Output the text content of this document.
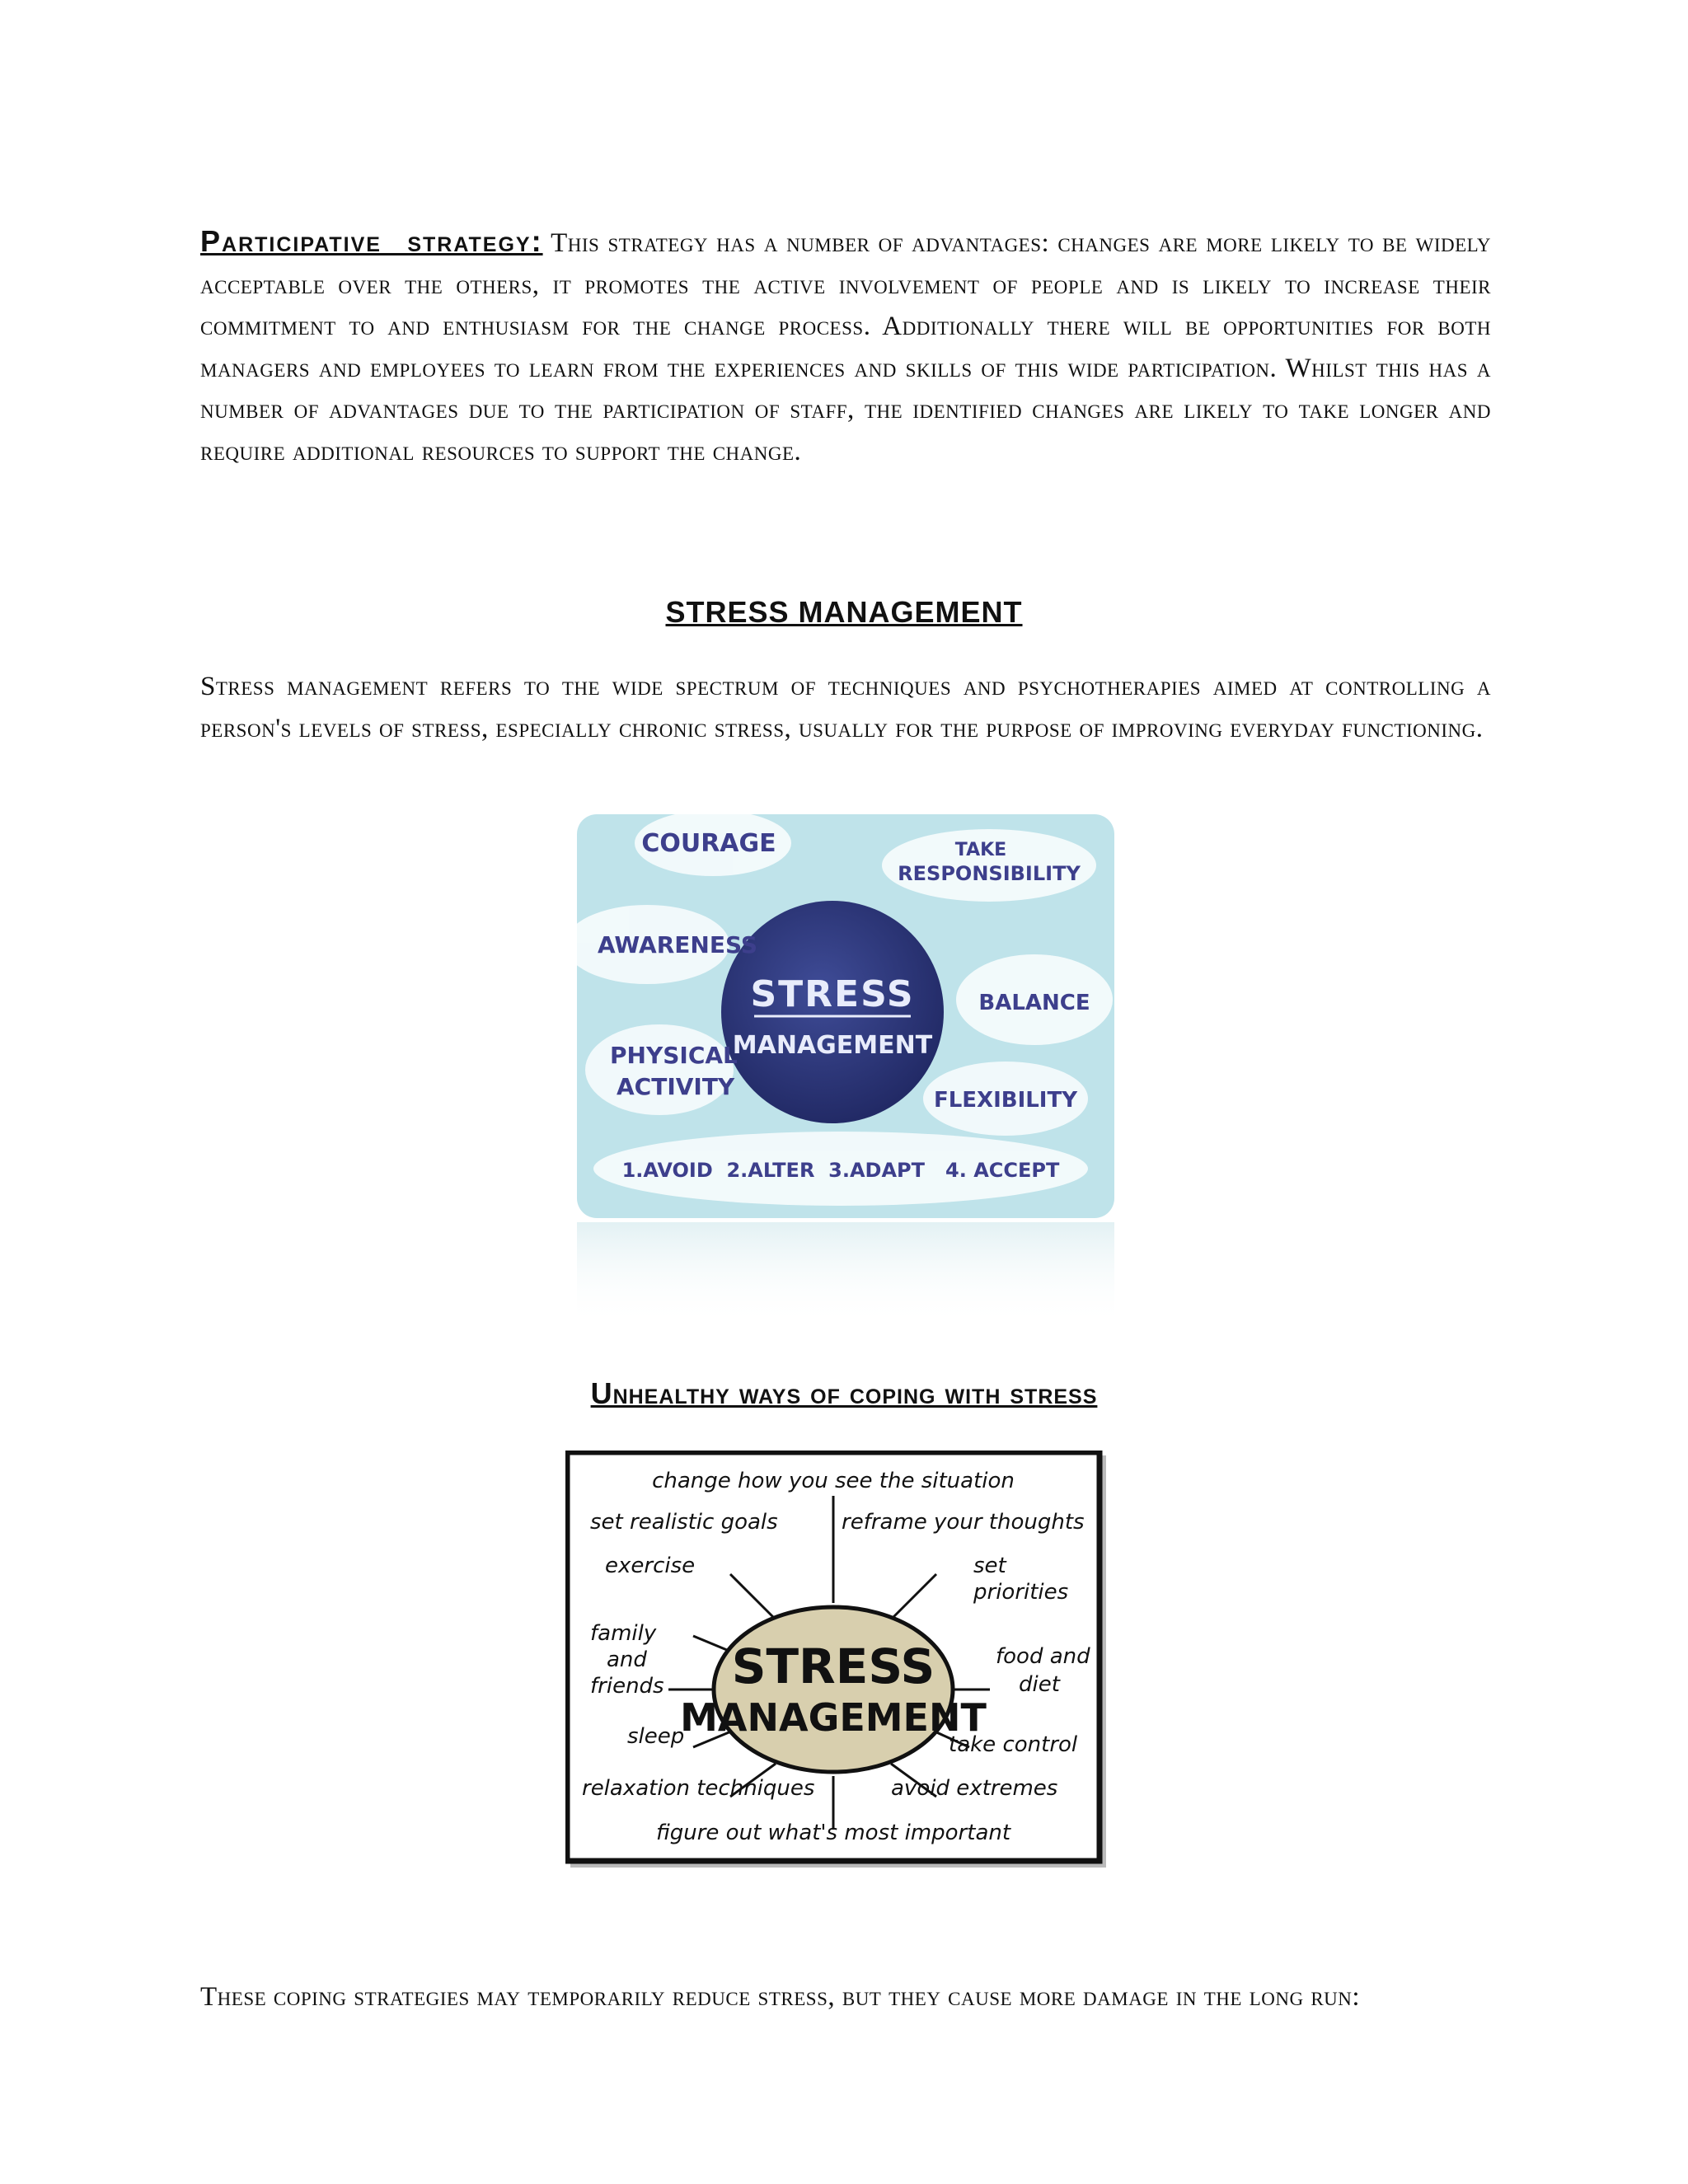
Participative strategy: This strategy has a number of advantages: changes are more likely to be widely acceptable over the others, it promotes the active involvement of people and is likely to increase their commitment to and enthusiasm for the change process. Additionally there will be opportunities for both managers and employees to learn from the experiences and skills of this wide participation. Whilst this has a number of advantages due to the participation of staff, the identified changes are likely to take longer and require additional resources to support the change.
STRESS MANAGEMENT
Stress management refers to the wide spectrum of techniques and psychotherapies aimed at controlling a person's levels of stress, especially chronic stress, usually for the purpose of improving everyday functioning.
STRESS
MANAGEMENT
COURAGE	TAKE
RESPONSIBILITY
AWARENESS
BALANCE
PHYSICAL
ACTIVITY	FLEXIBILITY
1.AVOID  2.ALTER  3.ADAPT   4. ACCEPT
Unhealthy ways of coping with stress
STRESS
MANAGEMENT
change how you see the situation
set realistic goals	reframe your thoughts
exercise	set
priorities
family
and
friends
food and
diet
sleep	take control
relaxation techniques	avoid extremes
figure out what's most important
These coping strategies may temporarily reduce stress, but they cause more damage in the long run:
